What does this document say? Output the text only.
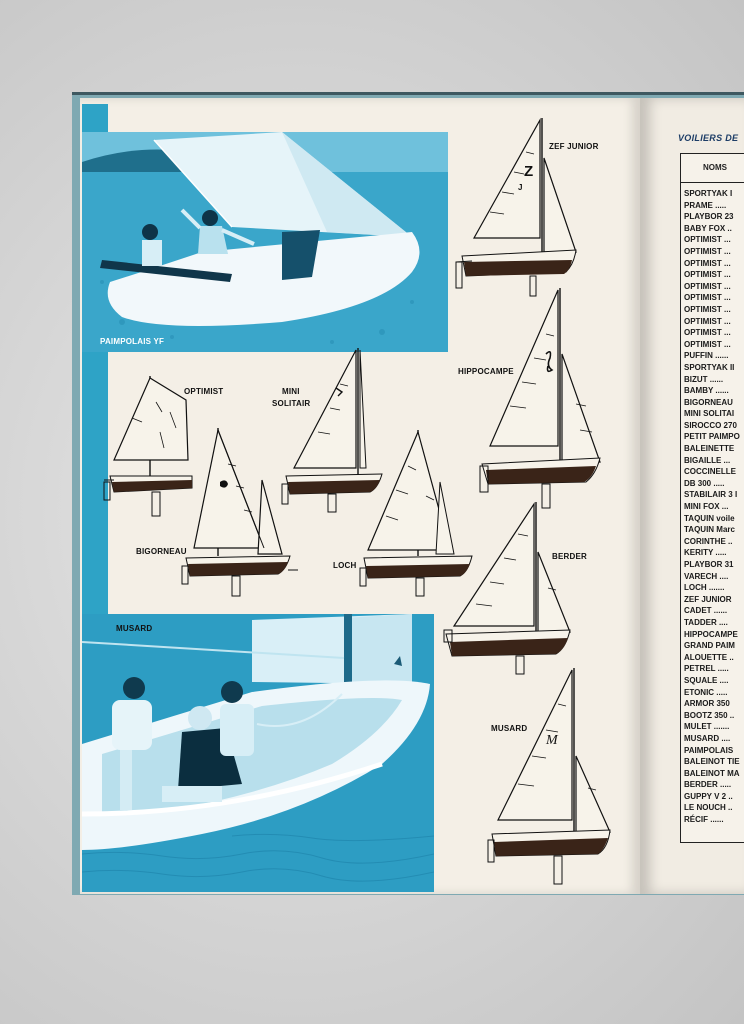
PAIMPOLAIS YF
MUSARD
Z
J
ZEF JUNIOR
HIPPOCAMPE
OPTIMIST	MINI
SOLITAIR
BIGORNEAU
LOCH
BERDER
M
MUSARD
VOILIERS DE
NOMS
SPORTYAK I
PRAME .....
PLAYBOR 23
BABY FOX ..
OPTIMIST ...
OPTIMIST ...
OPTIMIST ...
OPTIMIST ...
OPTIMIST ...
OPTIMIST ...
OPTIMIST ...
OPTIMIST ...
OPTIMIST ...
OPTIMIST ...
PUFFIN ......
SPORTYAK II
BIZUT ......
BAMBY ......
BIGORNEAU
MINI SOLITAI
SIROCCO 270
PETIT PAIMPO
BALEINETTE
BIGAILLE ...
COCCINELLE
DB 300 .....
STABILAIR 3 I
MINI FOX ...
TAQUIN voile
TAQUIN Marc
CORINTHE ..
KERITY .....
PLAYBOR 31
VARECH ....
LOCH .......
ZEF JUNIOR
CADET ......
TADDER ....
HIPPOCAMPE
GRAND PAIM
ALOUETTE ..
PETREL .....
SQUALE ....
ETONIC .....
ARMOR 350
BOOTZ 350 ..
MULET .......
MUSARD ....
PAIMPOLAIS
BALEINOT TIE
BALEINOT MA
BERDER .....
GUPPY V 2 ..
LE NOUCH ..
RÉCIF ......
